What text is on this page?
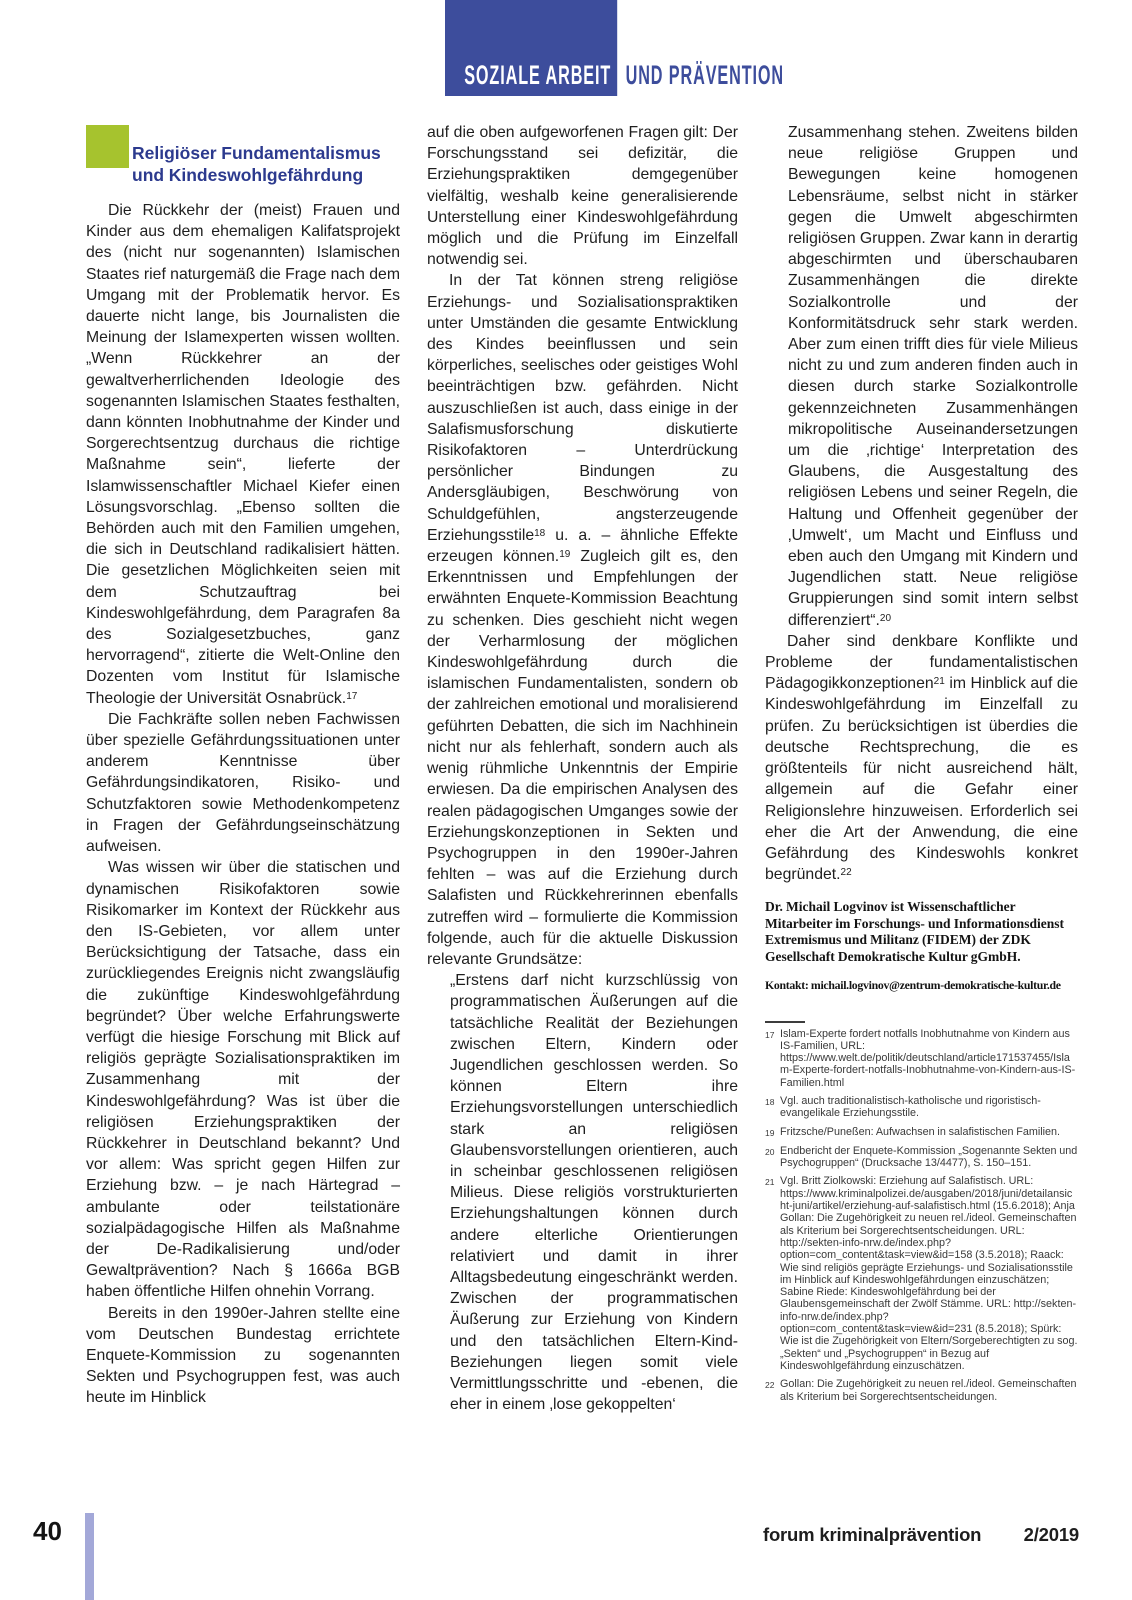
SOZIALE ARBEIT UND PRÄVENTION
Religiöser Fundamentalismus und Kindeswohlgefährdung

Die Rückkehr der (meist) Frauen und Kinder aus dem ehemaligen Kalifatsprojekt des (nicht nur sogenannten) Islamischen Staates rief naturgemäß die Frage nach dem Umgang mit der Problematik hervor. Es dauerte nicht lange, bis Journalisten die Meinung der Islamexperten wissen wollten. „Wenn Rückkehrer an der gewaltverherrlichenden Ideologie des sogenannten Islamischen Staates festhalten, dann könnten Inobhutnahme der Kinder und Sorgerechtsentzug durchaus die richtige Maßnahme sein“, lieferte der Islamwissenschaftler Michael Kiefer einen Lösungsvorschlag. „Ebenso sollten die Behörden auch mit den Familien umgehen, die sich in Deutschland radikalisiert hätten. Die gesetzlichen Möglichkeiten seien mit dem Schutzauftrag bei Kindeswohlgefährdung, dem Paragrafen 8a des Sozialgesetzbuches, ganz hervorragend“, zitierte die Welt-Online den Dozenten vom Institut für Islamische Theologie der Universität Osnabrück.$^{17}$

Die Fachkräfte sollen neben Fachwissen über spezielle Gefährdungssituationen unter anderem Kenntnisse über Gefährdungsindikatoren, Risiko- und Schutzfaktoren sowie Methodenkompetenz in Fragen der Gefährdungseinschätzung aufweisen.

Was wissen wir über die statischen und dynamischen Risikofaktoren sowie Risikomarker im Kontext der Rückkehr aus den IS-Gebieten, vor allem unter Berücksichtigung der Tatsache, dass ein zurückliegendes Ereignis nicht zwangsläufig die zukünftige Kindeswohlgefährdung begründet? Über welche Erfahrungswerte verfügt die hiesige Forschung mit Blick auf religiös geprägte Sozialisationspraktiken im Zusammenhang mit der Kindeswohlgefährdung? Was ist über die religiösen Erziehungspraktiken der Rückkehrer in Deutschland bekannt? Und vor allem: Was spricht gegen Hilfen zur Erziehung bzw. – je nach Härtegrad – ambulante oder teilstationäre sozialpädagogische Hilfen als Maßnahme der De-Radikalisierung und/oder Gewaltprävention? Nach § 1666a BGB haben öffentliche Hilfen ohnehin Vorrang.

Bereits in den 1990er-Jahren stellte eine vom Deutschen Bundestag errichtete Enquete-Kommission zu sogenannten Sekten und Psychogruppen fest, was auch heute im Hinblick

auf die oben aufgeworfenen Fragen gilt: Der Forschungsstand sei defizitär, die Erziehungspraktiken demgegenüber vielfältig, weshalb keine generalisierende Unterstellung einer Kindeswohlgefährdung möglich und die Prüfung im Einzelfall notwendig sei.

In der Tat können streng religiöse Erziehungs- und Sozialisationspraktiken unter Umständen die gesamte Entwicklung des Kindes beeinflussen und sein körperliches, seelisches oder geistiges Wohl beeinträchtigen bzw. gefährden. Nicht auszuschließen ist auch, dass einige in der Salafismusforschung diskutierte Risikofaktoren – Unterdrückung persönlicher Bindungen zu Andersgläubigen, Beschwörung von Schuldgefühlen, angsterzeugende Erziehungsstile$^{18}$ u. a. – ähnliche Effekte erzeugen können.$^{19}$ Zugleich gilt es, den Erkenntnissen und Empfehlungen der erwähnten Enquete-Kommission Beachtung zu schenken. Dies geschieht nicht wegen der Verharmlosung der möglichen Kindeswohlgefährdung durch die islamischen Fundamentalisten, sondern ob der zahlreichen emotional und moralisierend geführten Debatten, die sich im Nachhinein nicht nur als fehlerhaft, sondern auch als wenig rühmliche Unkenntnis der Empirie erwiesen. Da die empirischen Analysen des realen pädagogischen Umganges sowie der Erziehungskonzeptionen in Sekten und Psychogruppen in den 1990er-Jahren fehlten – was auf die Erziehung durch Salafisten und Rückkehrerinnen ebenfalls zutreffen wird – formulierte die Kommission folgende, auch für die aktuelle Diskussion relevante Grundsätze:

„Erstens darf nicht kurzschlüssig von programmatischen Äußerungen auf die tatsächliche Realität der Beziehungen zwischen Eltern, Kindern oder Jugendlichen geschlossen werden. So können Eltern ihre Erziehungsvorstellungen unterschiedlich stark an religiösen Glaubensvorstellungen orientieren, auch in scheinbar geschlossenen religiösen Milieus. Diese religiös vorstrukturierten Erziehungshaltungen können durch andere elterliche Orientierungen relativiert und damit in ihrer Alltagsbedeutung eingeschränkt werden. Zwischen der programmatischen Äußerung zur Erziehung von Kindern und den tatsächlichen Eltern-Kind-Beziehungen liegen somit viele Vermittlungsschritte und -ebenen, die eher in einem ‚lose gekoppelten‘

Zusammenhang stehen. Zweitens bilden neue religiöse Gruppen und Bewegungen keine homogenen Lebensräume, selbst nicht in stärker gegen die Umwelt abgeschirmten religiösen Gruppen. Zwar kann in derartig abgeschirmten und überschaubaren Zusammenhängen die direkte Sozialkontrolle und der Konformitätsdruck sehr stark werden. Aber zum einen trifft dies für viele Milieus nicht zu und zum anderen finden auch in diesen durch starke Sozialkontrolle gekennzeichneten Zusammenhängen mikropolitische Auseinandersetzungen um die ‚richtige‘ Interpretation des Glaubens, die Ausgestaltung des religiösen Lebens und seiner Regeln, die Haltung und Offenheit gegenüber der ‚Umwelt‘, um Macht und Einfluss und eben auch den Umgang mit Kindern und Jugendlichen statt. Neue religiöse Gruppierungen sind somit intern selbst differenziert“.$^{20}$

Daher sind denkbare Konflikte und Probleme der fundamentalistischen Pädagogikkonzeptionen$^{21}$ im Hinblick auf die Kindeswohlgefährdung im Einzelfall zu prüfen. Zu berücksichtigen ist überdies die deutsche Rechtsprechung, die es größtenteils für nicht ausreichend hält, allgemein auf die Gefahr einer Religionslehre hinzuweisen. Erforderlich sei eher die Art der Anwendung, die eine Gefährdung des Kindeswohls konkret begründet.$^{22}$

Dr. Michail Logvinov ist Wissenschaftlicher Mitarbeiter im Forschungs- und Informationsdienst Extremismus und Militanz (FIDEM) der ZDK Gesellschaft Demokratische Kultur gGmbH.

Kontakt: michail.logvinov@zentrum-demokratische-kultur.de

17 Islam-Experte fordert notfalls Inobhutnahme von Kindern aus IS-Familien, URL: https://www.welt.de/politik/deutschland/article171537455/Islam-Experte-fordert-notfalls-Inobhutnahme-von-Kindern-aus-IS-Familien.html
18 Vgl. auch traditionalistisch-katholische und rigoristisch-evangelikale Erziehungsstile.
19 Fritzsche/Puneßen: Aufwachsen in salafistischen Familien.
20 Endbericht der Enquete-Kommission „Sogenannte Sekten und Psychogruppen“ (Drucksache 13/4477), S. 150–151.
21 Vgl. Britt Ziolkowski: Erziehung auf Salafistisch. URL: https://www.kriminalpolizei.de/ausgaben/2018/juni/detailansicht-juni/artikel/erziehung-auf-salafistisch.html (15.6.2018); Anja Gollan: Die Zugehörigkeit zu neuen rel./ideol. Gemeinschaften als Kriterium bei Sorgerechtsentscheidungen. URL: http://sekten-info-nrw.de/index.php?option=com_content&task=view&id=158 (3.5.2018); Raack: Wie sind religiös geprägte Erziehungs- und Sozialisationsstile im Hinblick auf Kindeswohlgefährdungen einzuschätzen; Sabine Riede: Kindeswohlgefährdung bei der Glaubensgemeinschaft der Zwölf Stämme. URL: http://sekten-info-nrw.de/index.php?option=com_content&task=view&id=231 (8.5.2018); Spürk: Wie ist die Zugehörigkeit von Eltern/Sorgeberechtigten zu sog. „Sekten“ und „Psychogruppen“ in Bezug auf Kindeswohlgefährdung einzuschätzen.
22 Gollan: Die Zugehörigkeit zu neuen rel./ideol. Gemeinschaften als Kriterium bei Sorgerechtsentscheidungen.
40	forum kriminalprävention 2/2019
